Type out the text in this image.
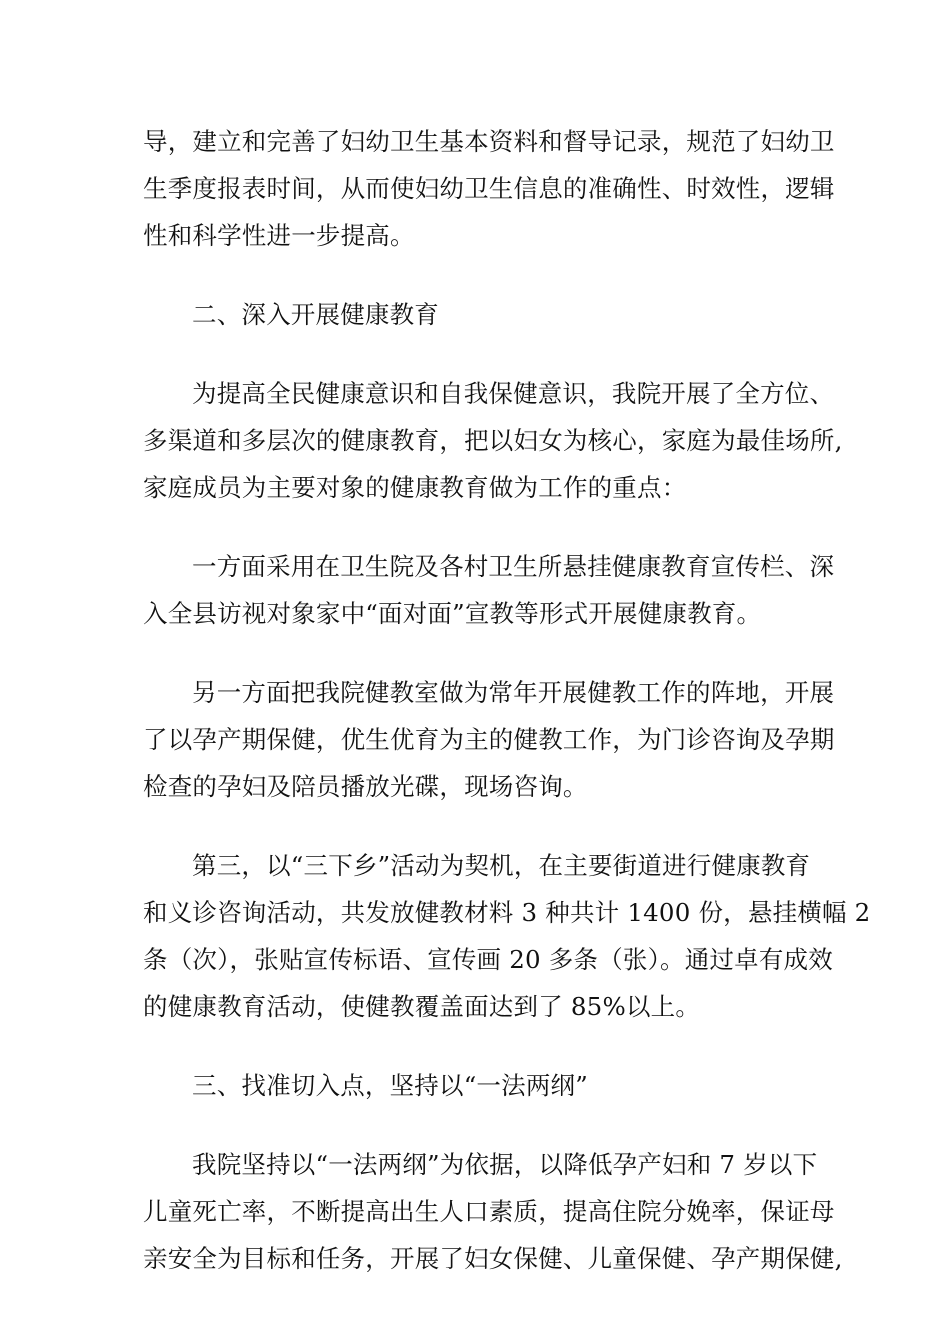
导，建立和完善了妇幼卫生基本资料和督导记录，规范了妇幼卫
生季度报表时间，从而使妇幼卫生信息的准确性、时效性，逻辑
性和科学性进一步提高。
二、深入开展健康教育
为提高全民健康意识和自我保健意识，我院开展了全方位、
多渠道和多层次的健康教育，把以妇女为核心，家庭为最佳场所,
家庭成员为主要对象的健康教育做为工作的重点：
一方面采用在卫生院及各村卫生所悬挂健康教育宣传栏、深
入全县访视对象家中“面对面”宣教等形式开展健康教育。
另一方面把我院健教室做为常年开展健教工作的阵地，开展
了以孕产期保健，优生优育为主的健教工作，为门诊咨询及孕期
检查的孕妇及陪员播放光碟，现场咨询。
第三，以“三下乡”活动为契机，在主要街道进行健康教育
和义诊咨询活动，共发放健教材料 3 种共计 1400 份，悬挂横幅 2
条（次），张贴宣传标语、宣传画 20 多条（张）。通过卓有成效
的健康教育活动，使健教覆盖面达到了 85%以上。
三、找准切入点，坚持以“一法两纲”
我院坚持以“一法两纲”为依据，以降低孕产妇和 7 岁以下
儿童死亡率，不断提高出生人口素质，提高住院分娩率，保证母
亲安全为目标和任务，开展了妇女保健、儿童保健、孕产期保健,
